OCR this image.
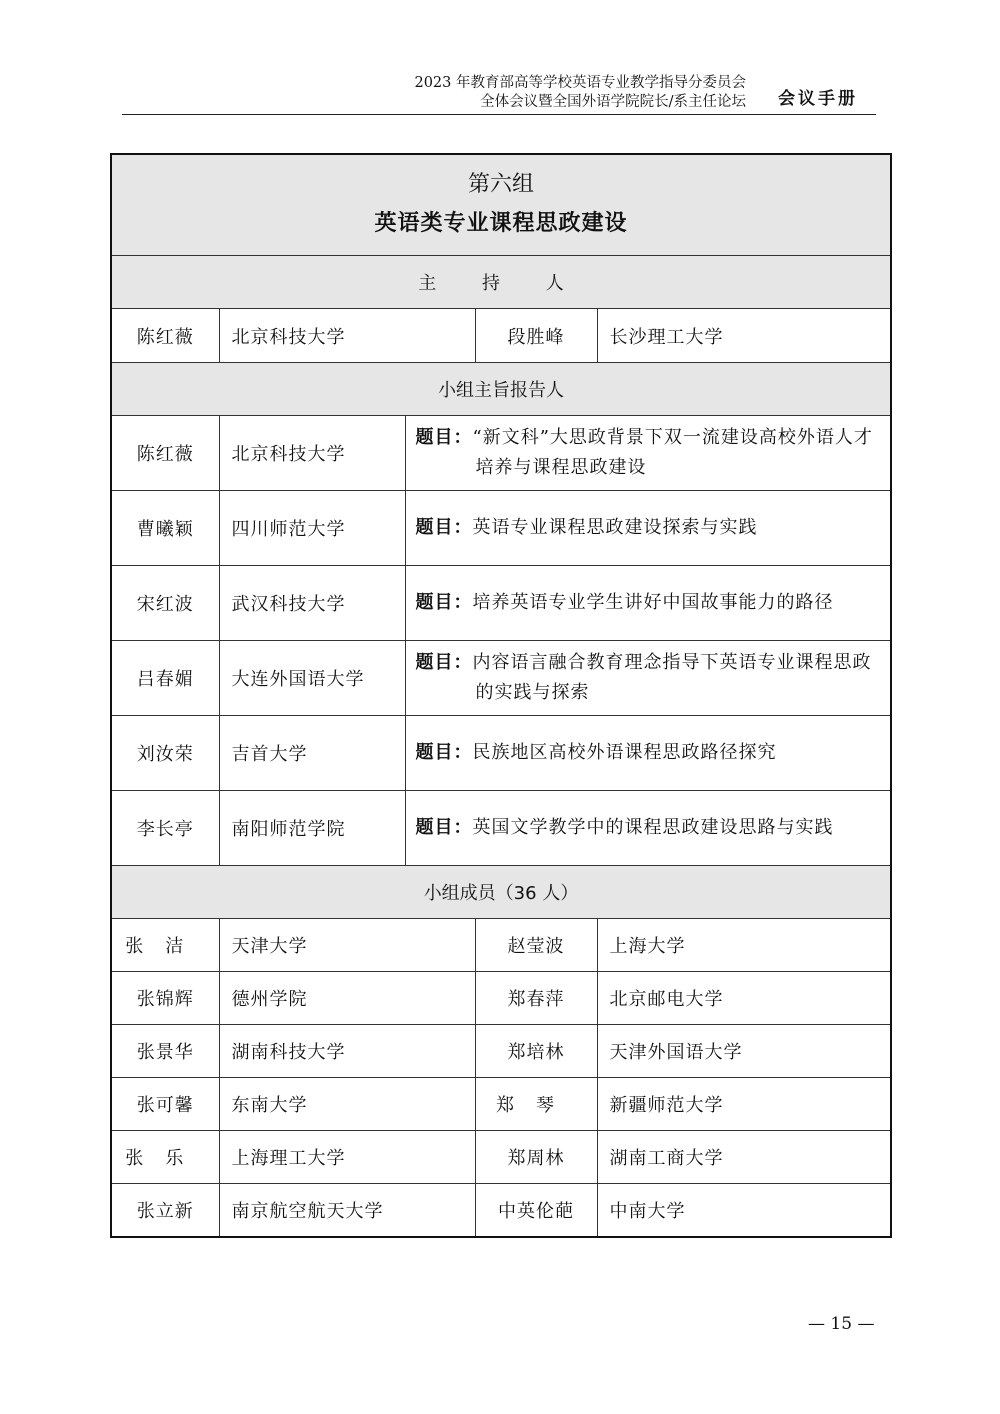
2023 年教育部高等学校英语专业教学指导分委员会
全体会议暨全国外语学院院长/系主任论坛 会议手册
第六组
英语类专业课程思政建设				

主 持 人				
陈红薇	北京科技大学		段胜峰	长沙理工大学
小组主旨报告人				
陈红薇	北京科技大学	题目：“新文科”大思政背景下双一流建设高校外语人才培养与课程思政建设		

曹曦颖	四川师范大学	题目：英语专业课程思政建设探索与实践		

宋红波	武汉科技大学	题目：培养英语专业学生讲好中国故事能力的路径		

吕春媚	大连外国语大学	题目：内容语言融合教育理念指导下英语专业课程思政的实践与探索		

刘汝荣	吉首大学	题目：民族地区高校外语课程思政路径探究		

李长亭	南阳师范学院	题目：英国文学教学中的课程思政建设思路与实践		

小组成员（36 人）				
张洁	天津大学		赵莹波	上海大学
张锦辉	德州学院		郑春萍	北京邮电大学
张景华	湖南科技大学		郑培林	天津外国语大学
张可馨	东南大学		郑琴	新疆师范大学
张乐	上海理工大学		郑周林	湖南工商大学
张立新	南京航空航天大学		中英伦葩	中南大学
— 15 —
